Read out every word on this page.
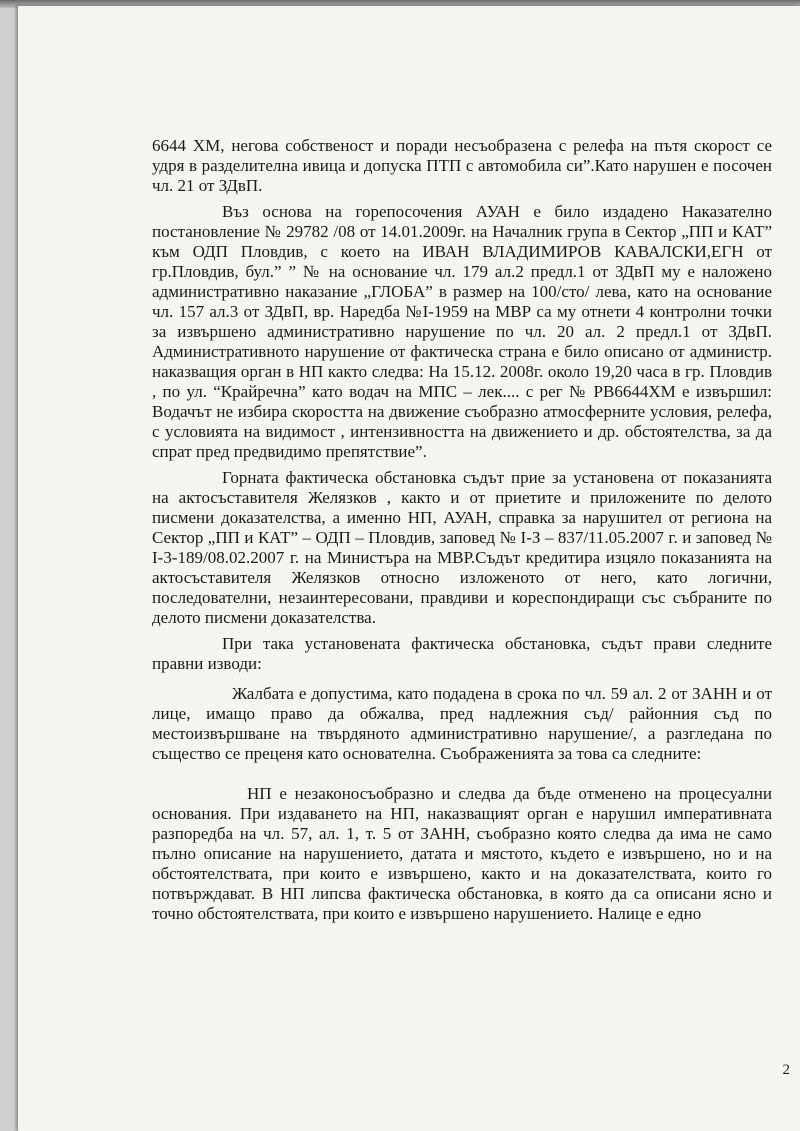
6644 ХМ, негова собственост и поради несъобразена с релефа на пътя скорост се удря в разделителна ивица и допуска ПТП с автомобила си”.Като нарушен е посочен чл. 21 от ЗДвП.

Въз основа на горепосочения АУАН е било издадено Наказателно постановление № 29782 /08 от 14.01.2009г. на Началник група в Сектор „ПП и КАТ” към ОДП Пловдив, с което на ИВАН ВЛАДИМИРОВ КАВАЛСКИ,ЕГН от гр.Пловдив, бул.” ” № на основание чл. 179 ал.2 предл.1 от ЗДвП му е наложено административно наказание „ГЛОБА” в размер на 100/сто/ лева, като на основание чл. 157 ал.3 от ЗДвП, вр. Наредба №I-1959 на МВР са му отнети 4 контролни точки за извършено административно нарушение по чл. 20 ал. 2 предл.1 от ЗДвП. Административното нарушение от фактическа страна е било описано от администр. наказващия орган в НП както следва: На 15.12. 2008г. около 19,20 часа в гр. Пловдив , по ул. “Крайречна” като водач на МПС – лек.... с рег № РВ6644ХМ е извършил: Водачът не избира скоростта на движение съобразно атмосферните условия, релефа, с условията на видимост , интензивността на движението и др. обстоятелства, за да спрат пред предвидимо препятствие”.

Горната фактическа обстановка съдът прие за установена от показанията на актосъставителя Желязков , както и от приетите и приложените по делото писмени доказателства, а именно НП, АУАН, справка за нарушител от региона на Сектор „ПП и КАТ” – ОДП – Пловдив, заповед № I-З – 837/11.05.2007 г. и заповед № I-3-189/08.02.2007 г. на Министъра на МВР.Съдът кредитира изцяло показанията на актосъставителя Желязков относно изложеното от него, като логични, последователни, незаинтересовани, правдиви и кореспондиращи със събраните по делото писмени доказателства.

При така установената фактическа обстановка, съдът прави следните правни изводи:

Жалбата е допустима, като подадена в срока по чл. 59 ал. 2 от ЗАНН и от лице, имащо право да обжалва, пред надлежния съд/ районния съд по местоизвършване на твърдяното административно нарушение/, а разгледана по същество се преценя като основателна. Съображенията за това са следните:

НП е незаконосъобразно и следва да бъде отменено на процесуални основания. При издаването на НП, наказващият орган е нарушил императивната разпоредба на чл. 57, ал. 1, т. 5 от ЗАНН, съобразно която следва да има не само пълно описание на нарушението, датата и мястото, където е извършено, но и на обстоятелствата, при които е извършено, както и на доказателствата, които го потвърждават. В НП липсва фактическа обстановка, в която да са описани ясно и точно обстоятелствата, при които е извършено нарушението. Налице е едно

2
